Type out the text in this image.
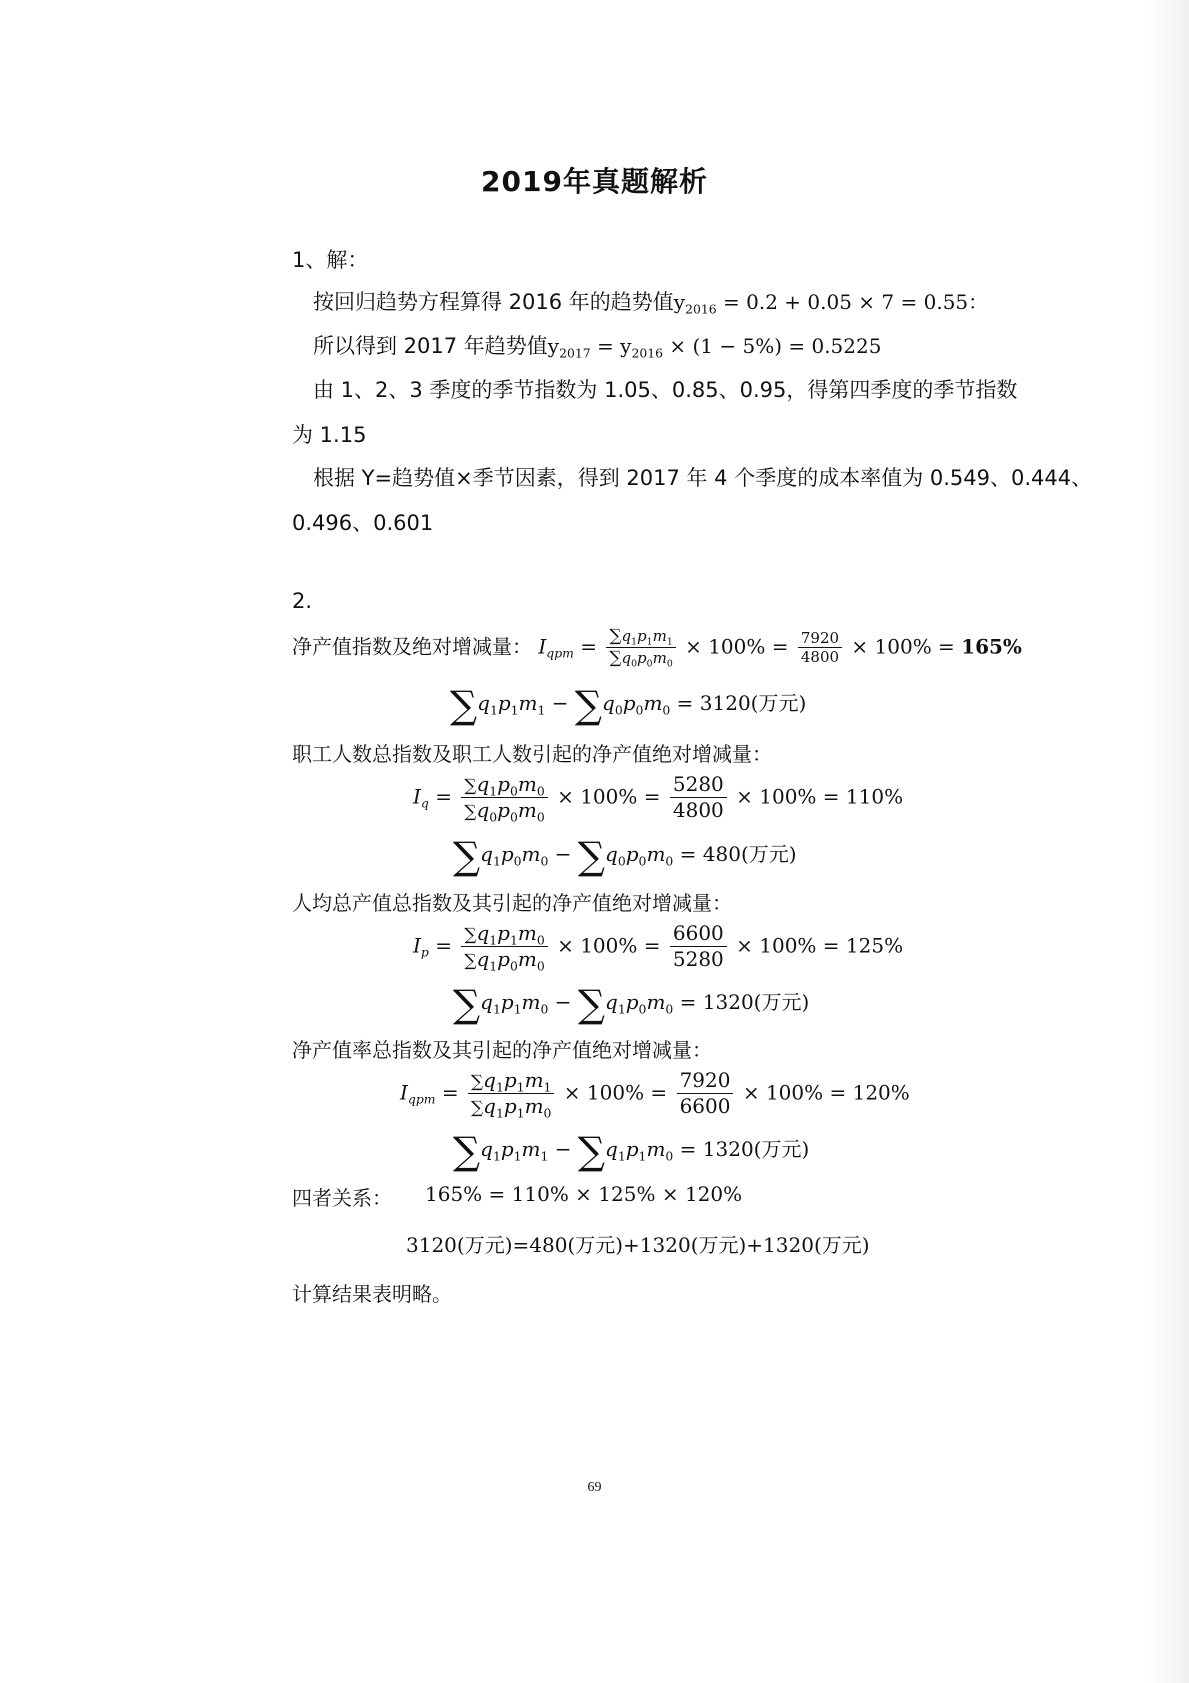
2019年真题解析
1、解：
按回归趋势方程算得 2016 年的趋势值$y_{2016} = 0.2 + 0.05 \times 7 = 0.55$：
所以得到 2017 年趋势值$y_{2017} = y_{2016} \times (1 - 5\%) = 0.5225$
由 1、2、3 季度的季节指数为 1.05、0.85、0.95，得第四季度的季节指数
为 1.15
根据 Y=趋势值×季节因素，得到 2017 年 4 个季度的成本率值为 0.549、0.444、
0.496、0.601
2.
净产值指数及绝对增减量： $I_{qpm} = \frac{\sum q_1p_1m_1}{\sum q_0p_0m_0} \times 100\% = \frac{7920}{4800} \times 100\% = 165\%$
$\sum q_1p_1m_1 - \sum q_0p_0m_0 = 3120$(万元)
职工人数总指数及职工人数引起的净产值绝对增减量：
$I_q = \frac{\sum q_1p_0m_0}{\sum q_0p_0m_0} \times 100\% = \frac{5280}{4800} \times 100\% = 110\%$
$\sum q_1p_0m_0 - \sum q_0p_0m_0 = 480$(万元)
人均总产值总指数及其引起的净产值绝对增减量：
$I_p = \frac{\sum q_1p_1m_0}{\sum q_1p_0m_0} \times 100\% = \frac{6600}{5280} \times 100\% = 125\%$
$\sum q_1p_1m_0 - \sum q_1p_0m_0 = 1320$(万元)
净产值率总指数及其引起的净产值绝对增减量：
$I_{qpm} = \frac{\sum q_1p_1m_1}{\sum q_1p_1m_0} \times 100\% = \frac{7920}{6600} \times 100\% = 120\%$
$\sum q_1p_1m_1 - \sum q_1p_1m_0 = 1320$(万元)
四者关系： 165% = 110% × 125% × 120%
3120(万元)=480(万元)+1320(万元)+1320(万元)
计算结果表明略。
69
